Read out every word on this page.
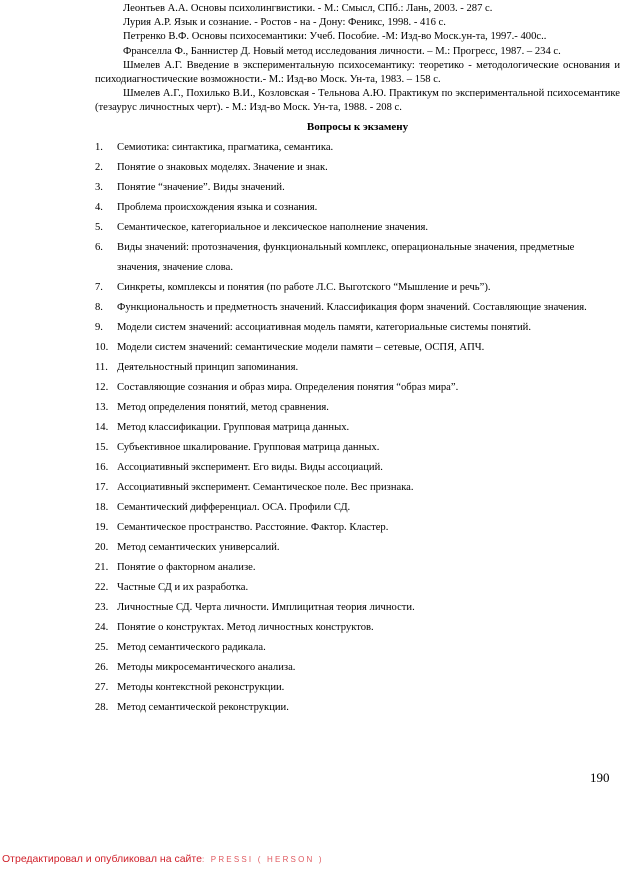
Леонтьев А.А. Основы психолингвистики. - М.: Смысл, СПб.: Лань, 2003. - 287 с.

Лурия А.Р. Язык и сознание. - Ростов - на - Дону: Феникс, 1998. - 416 с.

Петренко В.Ф. Основы психосемантики: Учеб. Пособие. -М: Изд-во Моск.ун-та, 1997.- 400с..

Франселла Ф., Баннистер Д. Новый метод исследования личности. – М.: Прогресс, 1987. – 234 с.

Шмелев А.Г. Введение в экспериментальную психосемантику: теоретико - методологические основания и психодиагностические возможности.- М.: Изд-во Моск. Ун-та, 1983. – 158 с.

Шмелев А.Г., Похилько В.И., Козловская - Тельнова А.Ю. Практикум по экспериментальной психосемантике (тезаурус личностных черт). - М.: Изд-во Моск. Ун-та, 1988. - 208 с.

Вопросы к экзамену

1.	Семиотика: синтактика, прагматика, семантика.
2.	Понятие о знаковых моделях. Значение и знак.
3.	Понятие “значение”. Виды значений.
4.	Проблема происхождения языка и сознания.
5.	Семантическое, категориальное и лексическое наполнение значения.
6.	Виды значений: протозначения, функциональный комплекс, операциональные значения, предметные значения, значение слова.
7.	Синкреты, комплексы и понятия (по работе Л.С. Выготского “Мышление и речь”).
8.	Функциональность и предметность значений. Классификация форм значений. Составляющие значения.
9.	Модели систем значений: ассоциативная модель памяти, категориальные системы понятий.
10. Модели систем значений: семантические модели памяти – сетевые, ОСПЯ, АПЧ.
11. Деятельностный принцип запоминания.
12. Составляющие сознания и образ мира. Определения понятия “образ мира”.
13. Метод определения понятий, метод сравнения.
14. Метод классификации. Групповая матрица данных.
15. Субъективное шкалирование. Групповая матрица данных.
16. Ассоциативный эксперимент. Его виды. Виды ассоциаций.
17. Ассоциативный эксперимент. Семантическое поле. Вес признака.
18. Семантический дифференциал. ОСА. Профили СД.
19. Семантическое пространство. Расстояние. Фактор. Кластер.
20. Метод семантических универсалий.
21. Понятие о факторном анализе.
22. Частные СД и их разработка.
23. Личностные СД. Черта личности. Имплицитная теория личности.
24. Понятие о конструктах. Метод личностных конструктов.
25. Метод семантического радикала.
26. Методы микросемантического анализа.
27. Методы контекстной реконструкции.
28. Метод семантической реконструкции.
190
Отредактировал и опубликовал на сайте: PRESSI ( HERSON )
